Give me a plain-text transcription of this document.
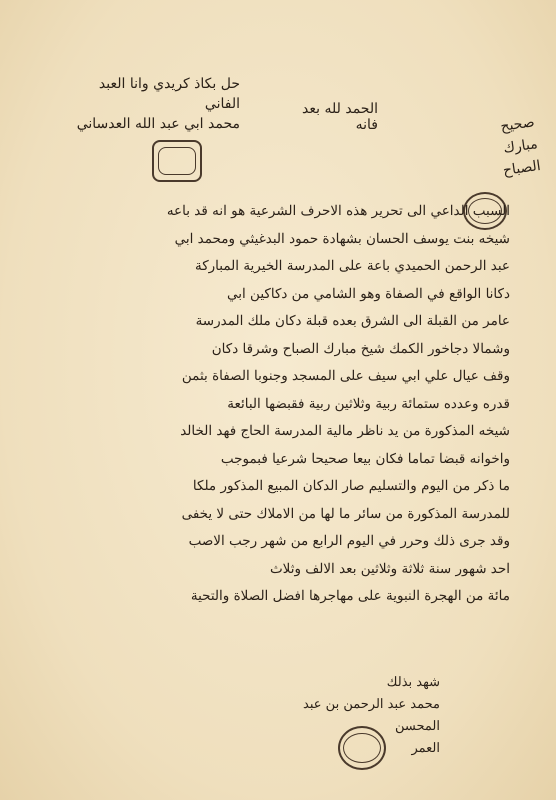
حل بكاذ كريدي وانا العبد الفاني
محمد ابي عبد الله العدساني
الحمد لله بعد فانه	صحيح
مبارك
الصباح
السبب الداعي الى تحرير هذه الاحرف الشرعية هو انه قد باعه
شيخه بنت يوسف الحسان بشهادة حمود البدغيثي ومحمد ابي
عبد الرحمن الحميدي باعة على المدرسة الخيرية المباركة
دكانا الواقع في الصفاة وهو الشامي من دكاكين ابي
عامر من القبلة الى الشرق بعده قبلة دكان ملك المدرسة
وشمالا دجاخور الكمك شيخ مبارك الصباح وشرقا دكان
وقف عيال علي ابي سيف على المسجد وجنوبا الصفاة بثمن
قدره وعدده ستمائة ربية وثلاثين ربية فقبضها البائعة
شيخه المذكورة من يد ناظر مالية المدرسة الحاج فهد الخالد
واخوانه قبضا تماما فكان بيعا صحيحا شرعيا فبموجب
ما ذكر من اليوم والتسليم صار الدكان المبيع المذكور ملكا
للمدرسة المذكورة من سائر ما لها من الاملاك حتى لا يخفى
وقد جرى ذلك وحرر في اليوم الرابع من شهر رجب الاصب
احد شهور سنة ثلاثة وثلاثين بعد الالف وثلاث
مائة من الهجرة النبوية على مهاجرها افضل الصلاة والتحية
شهد بذلك
محمد عبد الرحمن بن عبد المحسن
العمر
